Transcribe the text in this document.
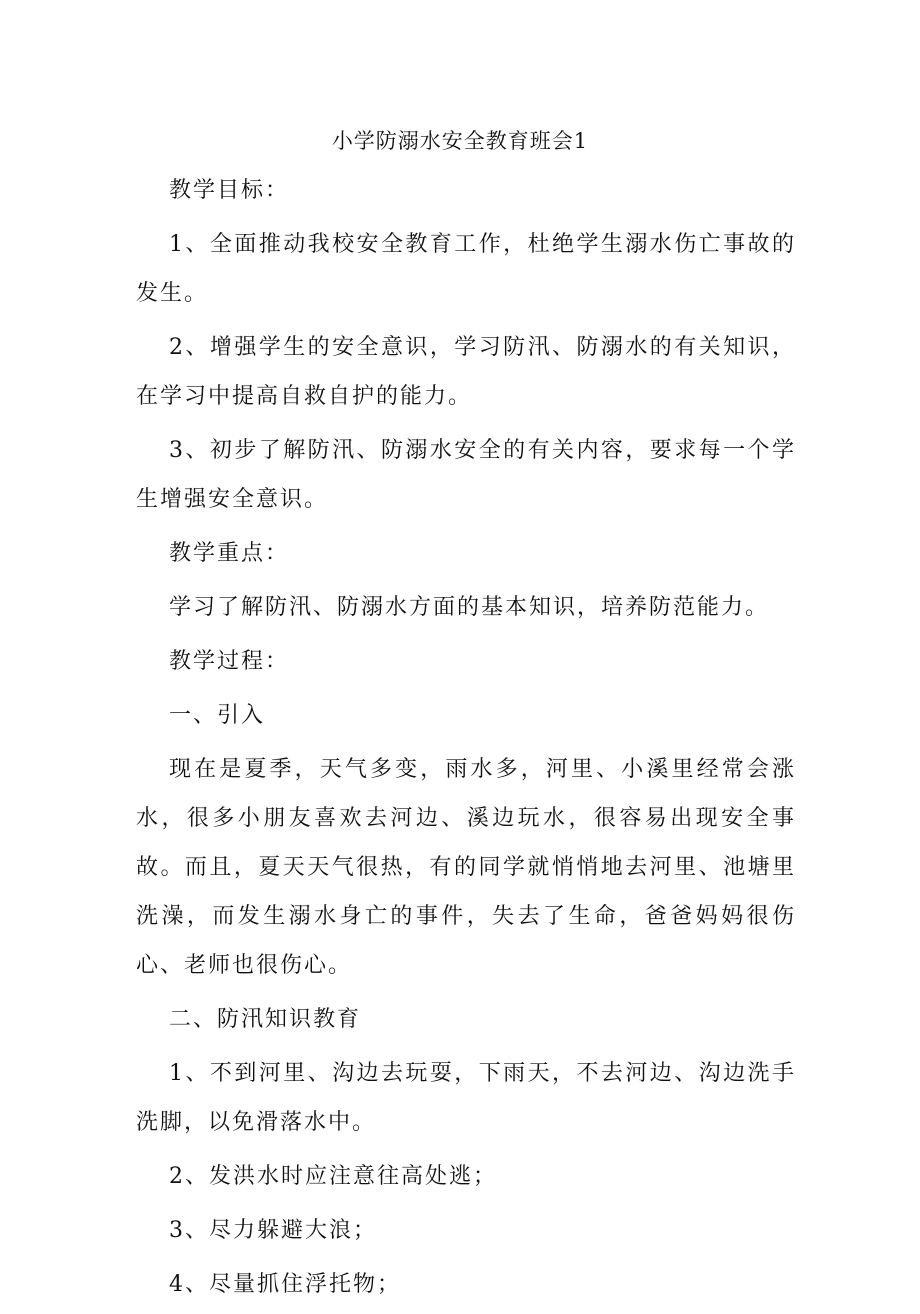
小学防溺水安全教育班会1

教学目标：

1、全面推动我校安全教育工作，杜绝学生溺水伤亡事故的发生。

2、增强学生的安全意识，学习防汛、防溺水的有关知识，在学习中提高自救自护的能力。

3、初步了解防汛、防溺水安全的有关内容，要求每一个学生增强安全意识。

教学重点：

学习了解防汛、防溺水方面的基本知识，培养防范能力。

教学过程：

一、引入

现在是夏季，天气多变，雨水多，河里、小溪里经常会涨水，很多小朋友喜欢去河边、溪边玩水，很容易出现安全事故。而且，夏天天气很热，有的同学就悄悄地去河里、池塘里洗澡，而发生溺水身亡的事件，失去了生命，爸爸妈妈很伤心、老师也很伤心。

二、防汛知识教育

1、不到河里、沟边去玩耍，下雨天，不去河边、沟边洗手洗脚，以免滑落水中。

2、发洪水时应注意往高处逃；

3、尽力躲避大浪；

4、尽量抓住浮托物；
